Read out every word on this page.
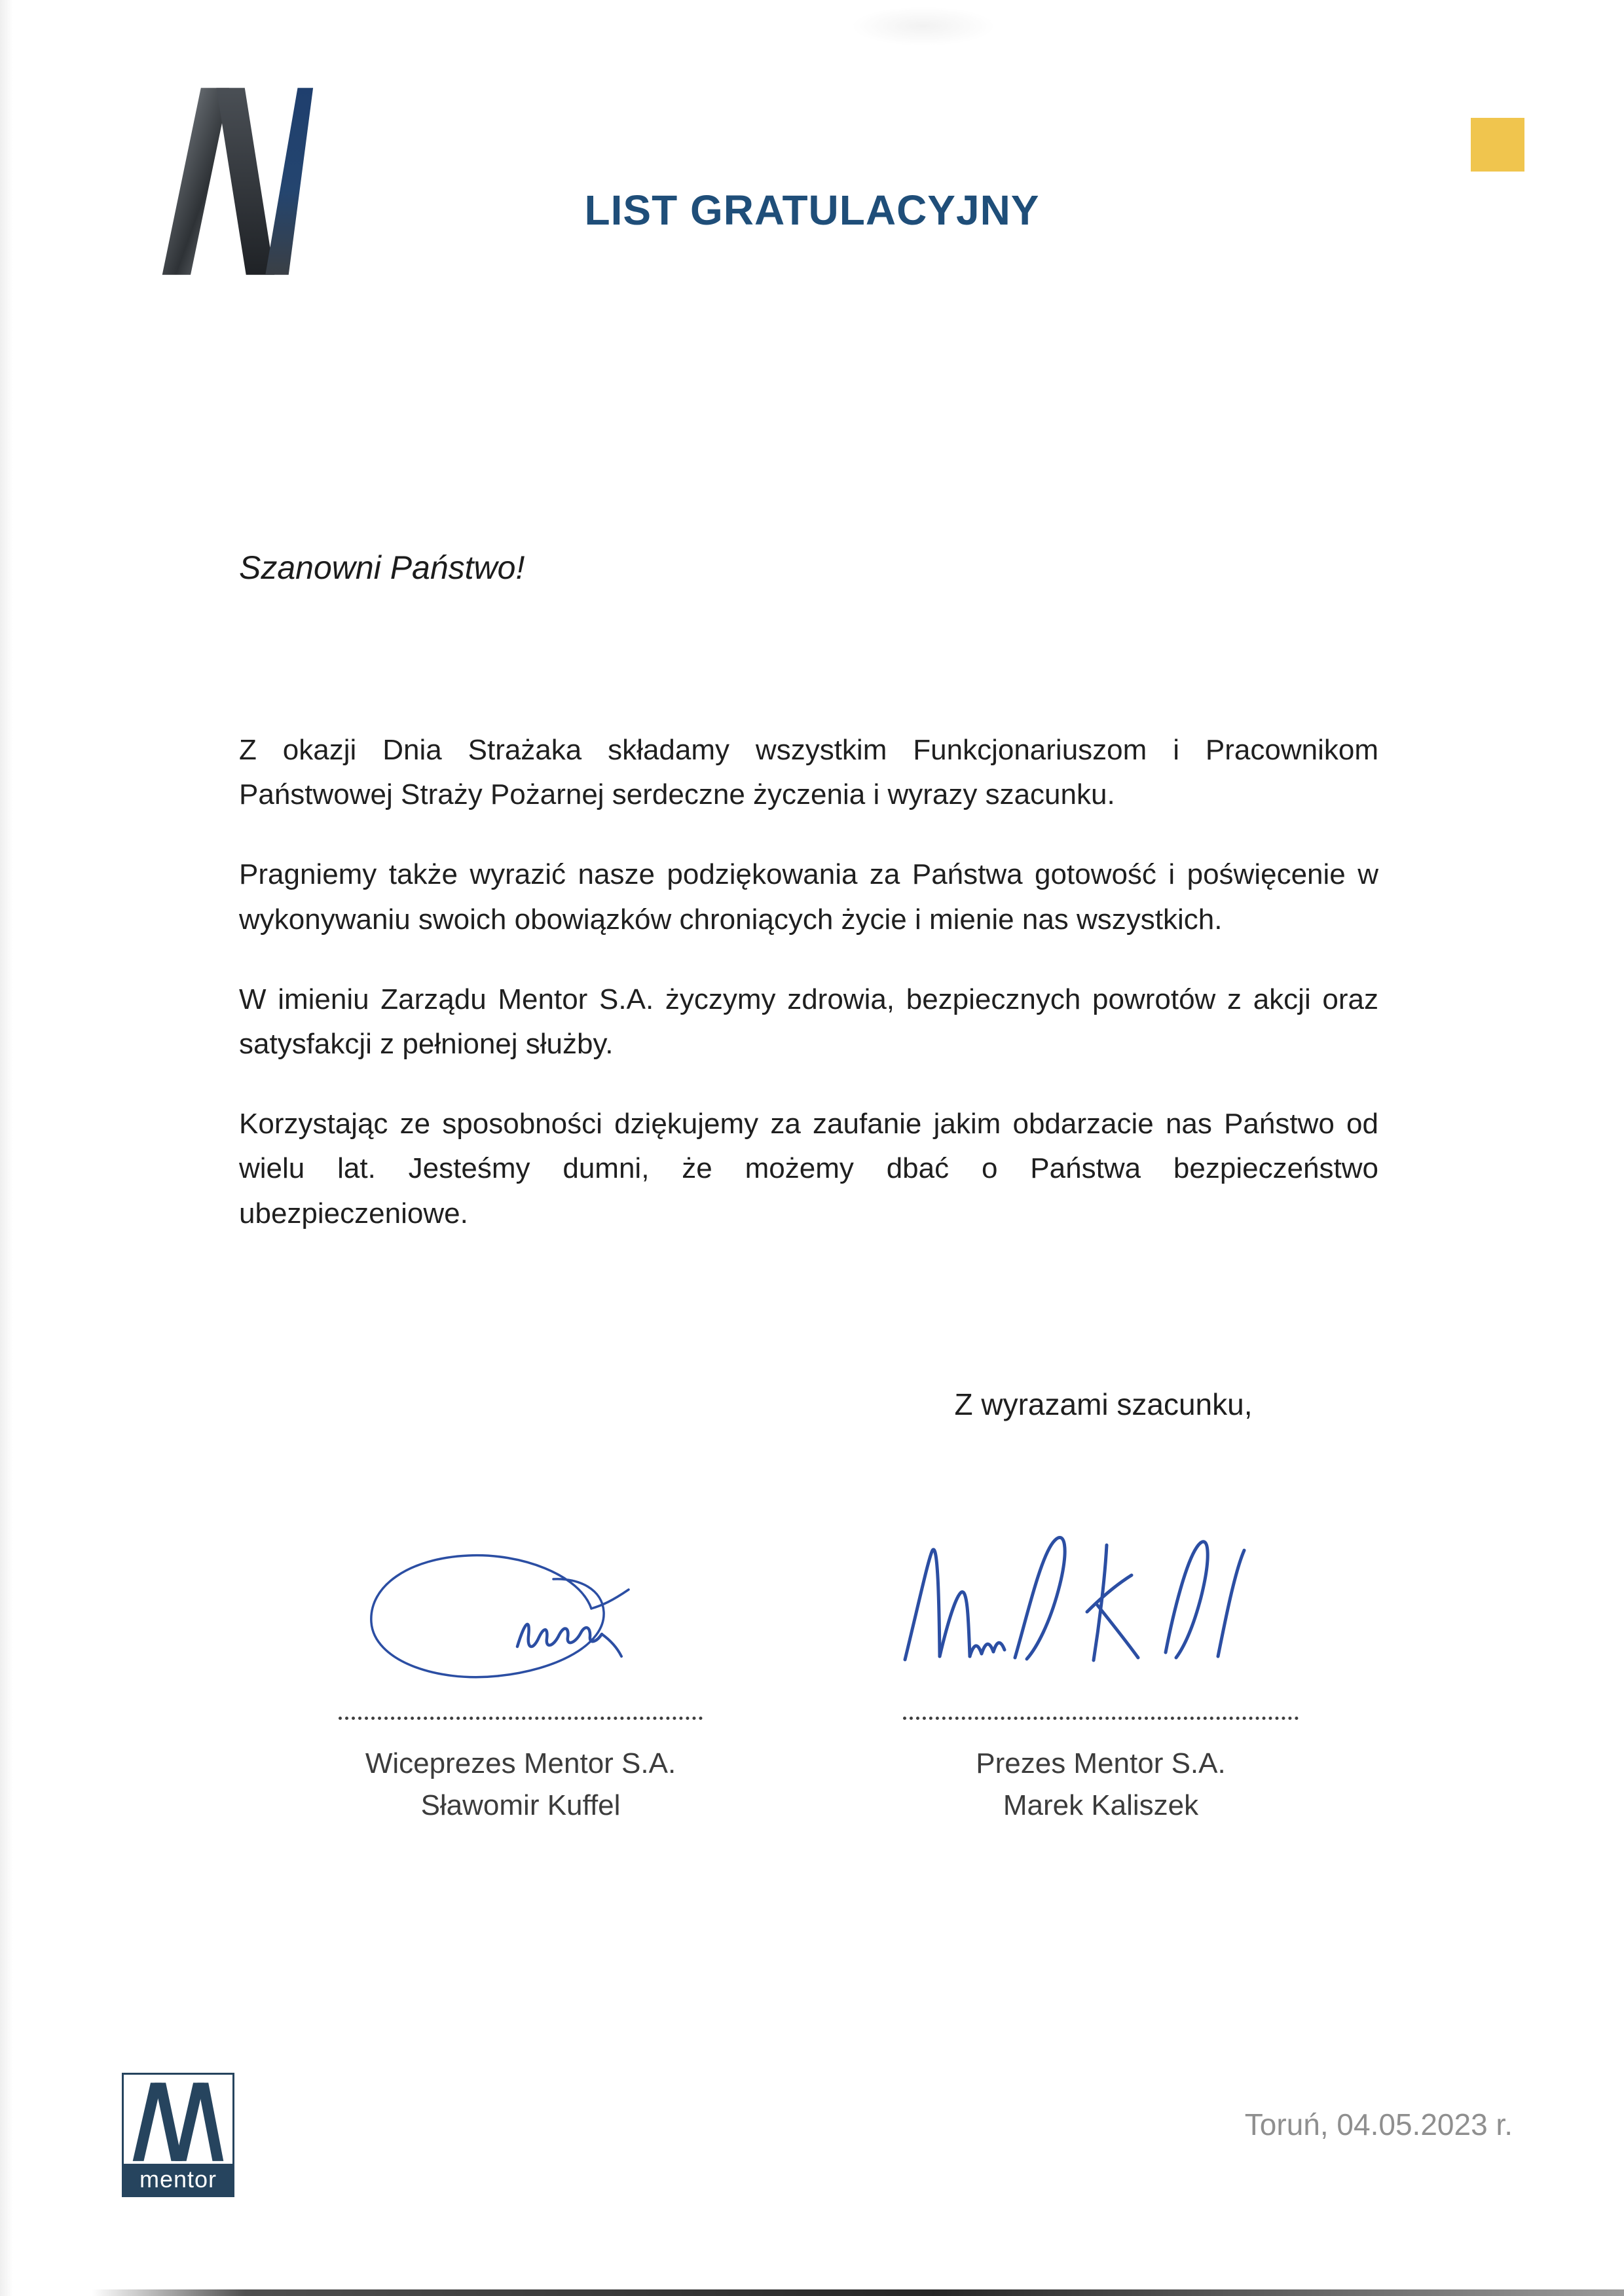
LIST GRATULACYJNY
Szanowni Państwo!

Z okazji Dnia Strażaka składamy wszystkim Funkcjonariuszom i Pracownikom Państwowej Straży Pożarnej serdeczne życzenia i wyrazy szacunku.

Pragniemy także wyrazić nasze podziękowania za Państwa gotowość i poświęcenie w wykonywaniu swoich obowiązków chroniących życie i mienie nas wszystkich.

W imieniu Zarządu Mentor S.A. życzymy zdrowia, bezpiecznych powrotów z akcji oraz satysfakcji z pełnionej służby.

Korzystając ze sposobności dziękujemy za zaufanie jakim obdarzacie nas Państwo od wielu lat. Jesteśmy dumni, że możemy dbać o Państwa bezpieczeństwo ubezpieczeniowe.

Z wyrazami szacunku,
Wiceprezes Mentor S.A.
Sławomir Kuffel
Prezes Mentor S.A.
Marek Kaliszek
mentor
Toruń, 04.05.2023 r.
